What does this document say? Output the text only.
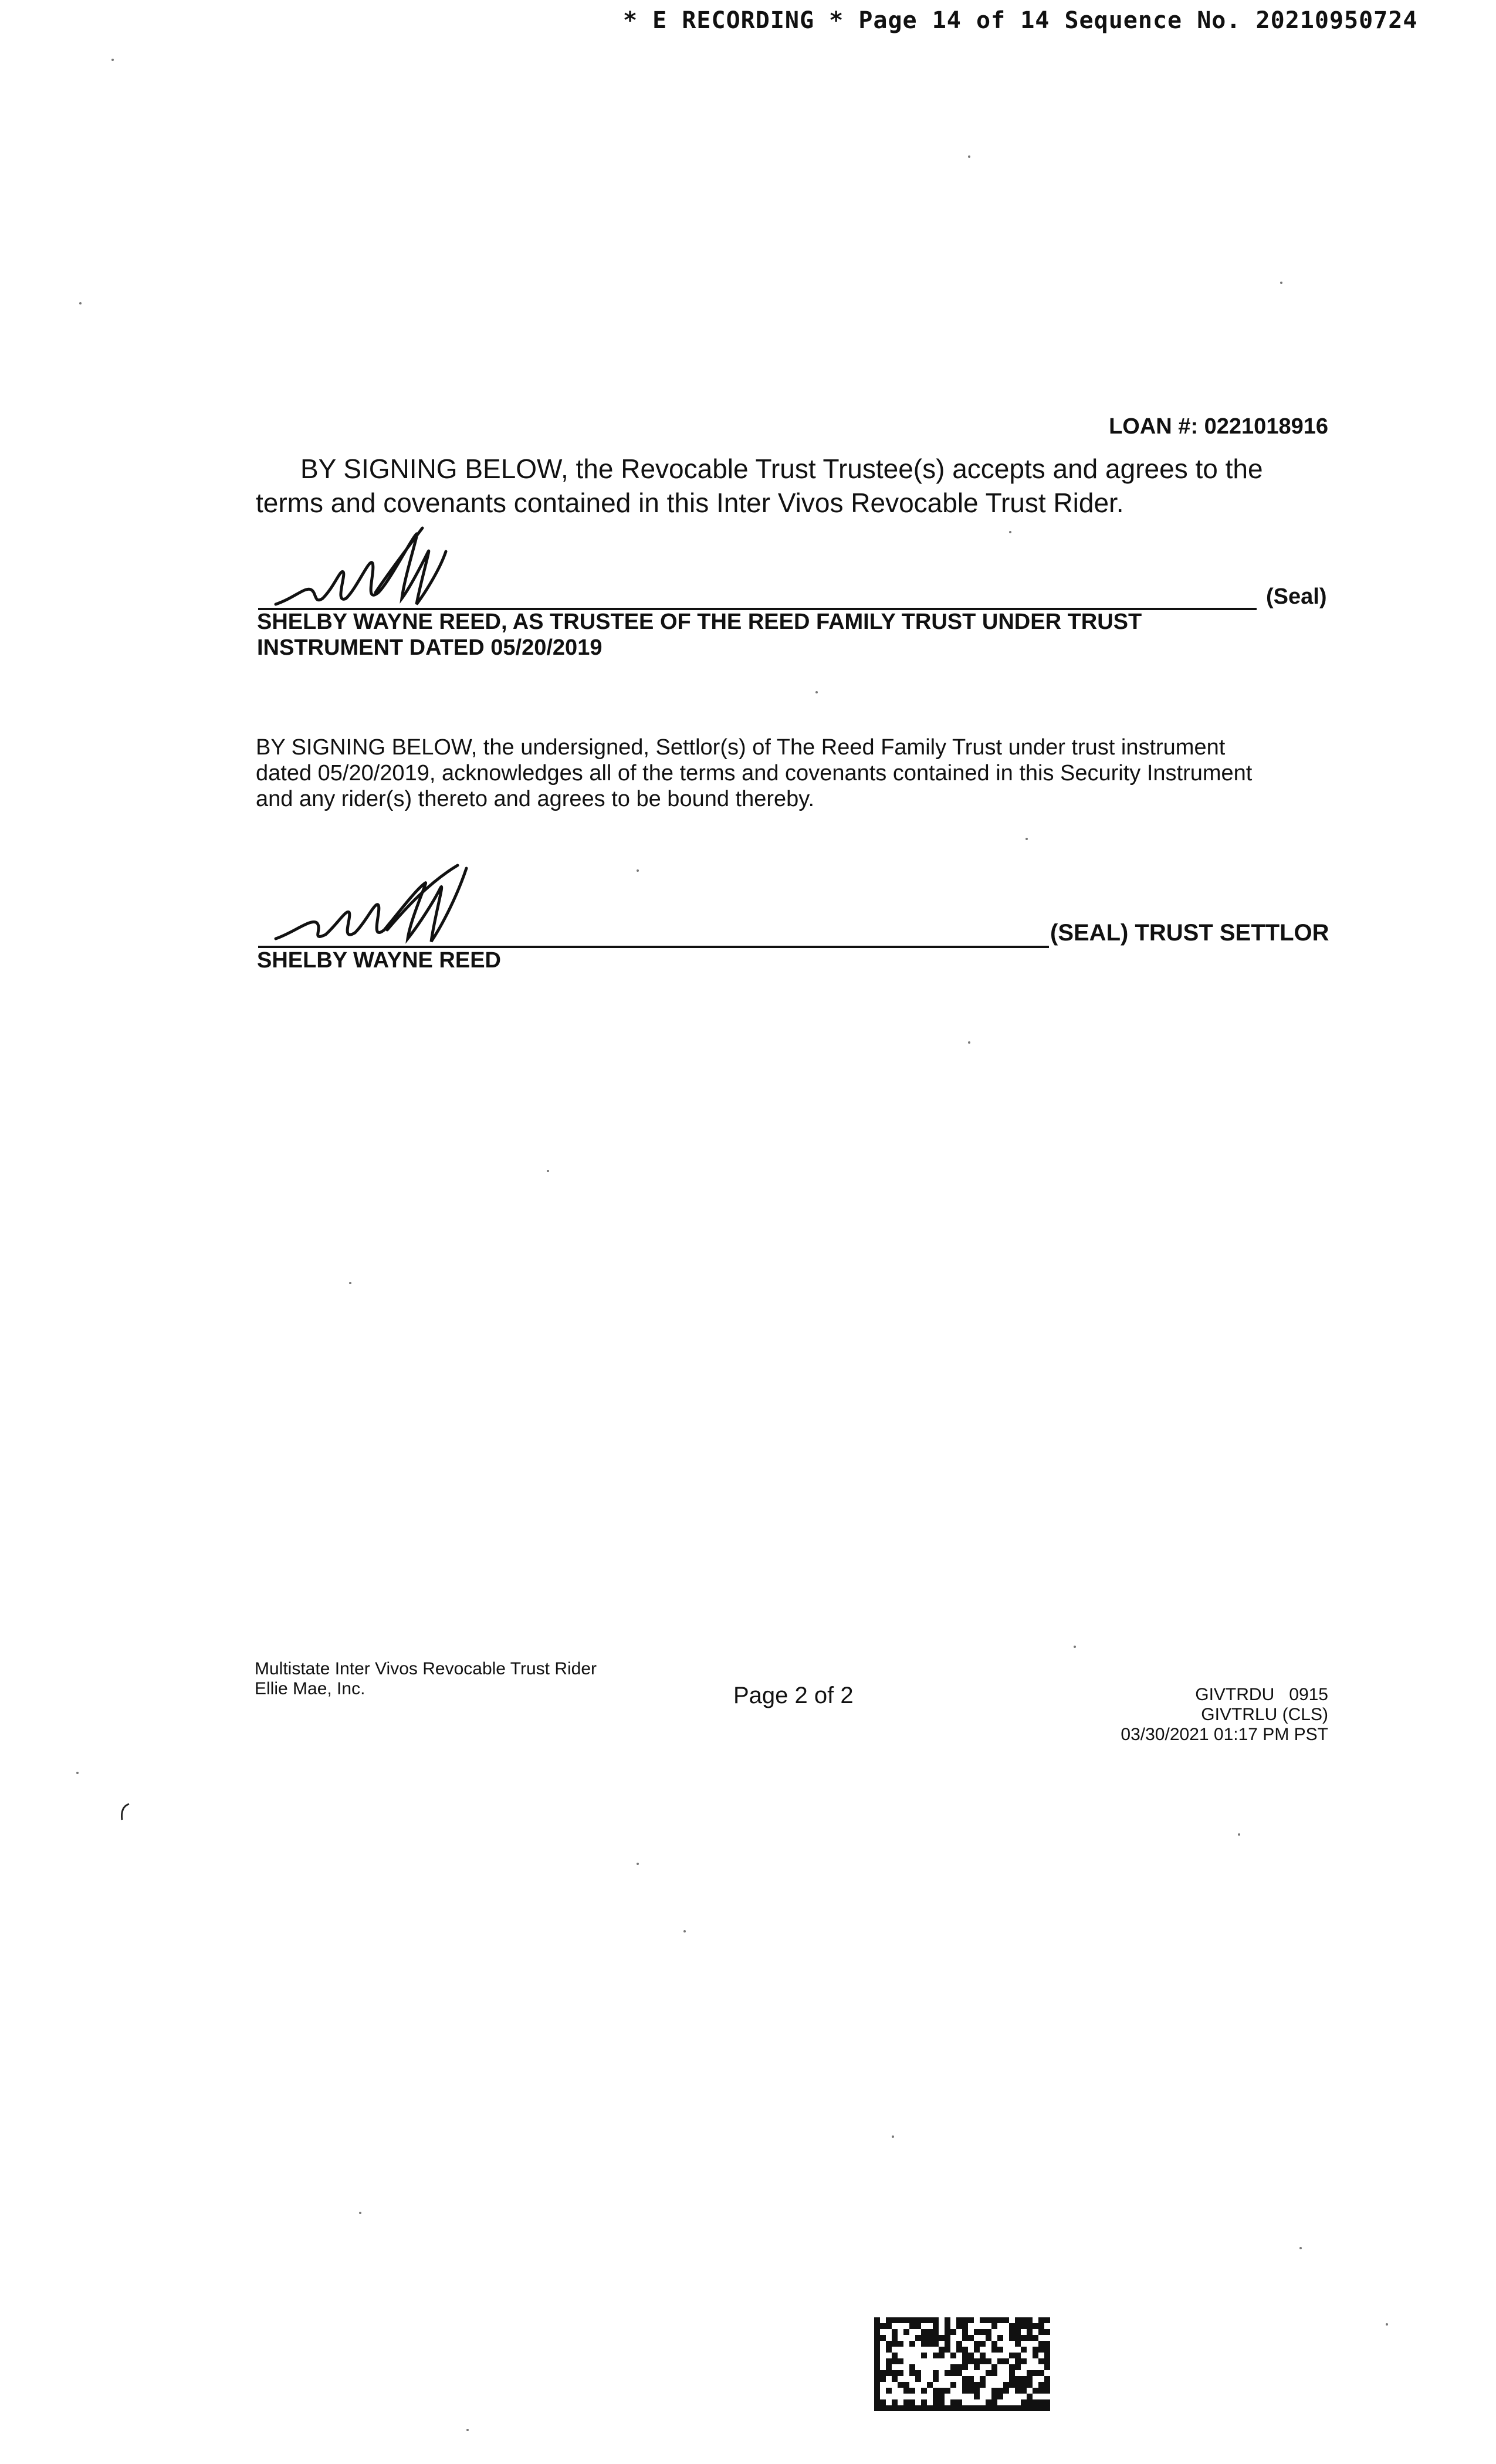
* E RECORDING * Page 14 of 14 Sequence No. 20210950724
LOAN #: 0221018916
BY SIGNING BELOW, the Revocable Trust Trustee(s) accepts and agrees to the
terms and covenants contained in this Inter Vivos Revocable Trust Rider.
(Seal)
SHELBY WAYNE REED, AS TRUSTEE OF THE REED FAMILY TRUST UNDER TRUST
INSTRUMENT DATED 05/20/2019
BY SIGNING BELOW, the undersigned, Settlor(s) of The Reed Family Trust under trust instrument
dated 05/20/2019, acknowledges all of the terms and covenants contained in this Security Instrument
and any rider(s) thereto and agrees to be bound thereby.
(SEAL) TRUST SETTLOR
SHELBY WAYNE REED
Multistate Inter Vivos Revocable Trust Rider
Ellie Mae, Inc.	Page 2 of 2	GIVTRDU   0915
GIVTRLU (CLS)
03/30/2021 01:17 PM PST
